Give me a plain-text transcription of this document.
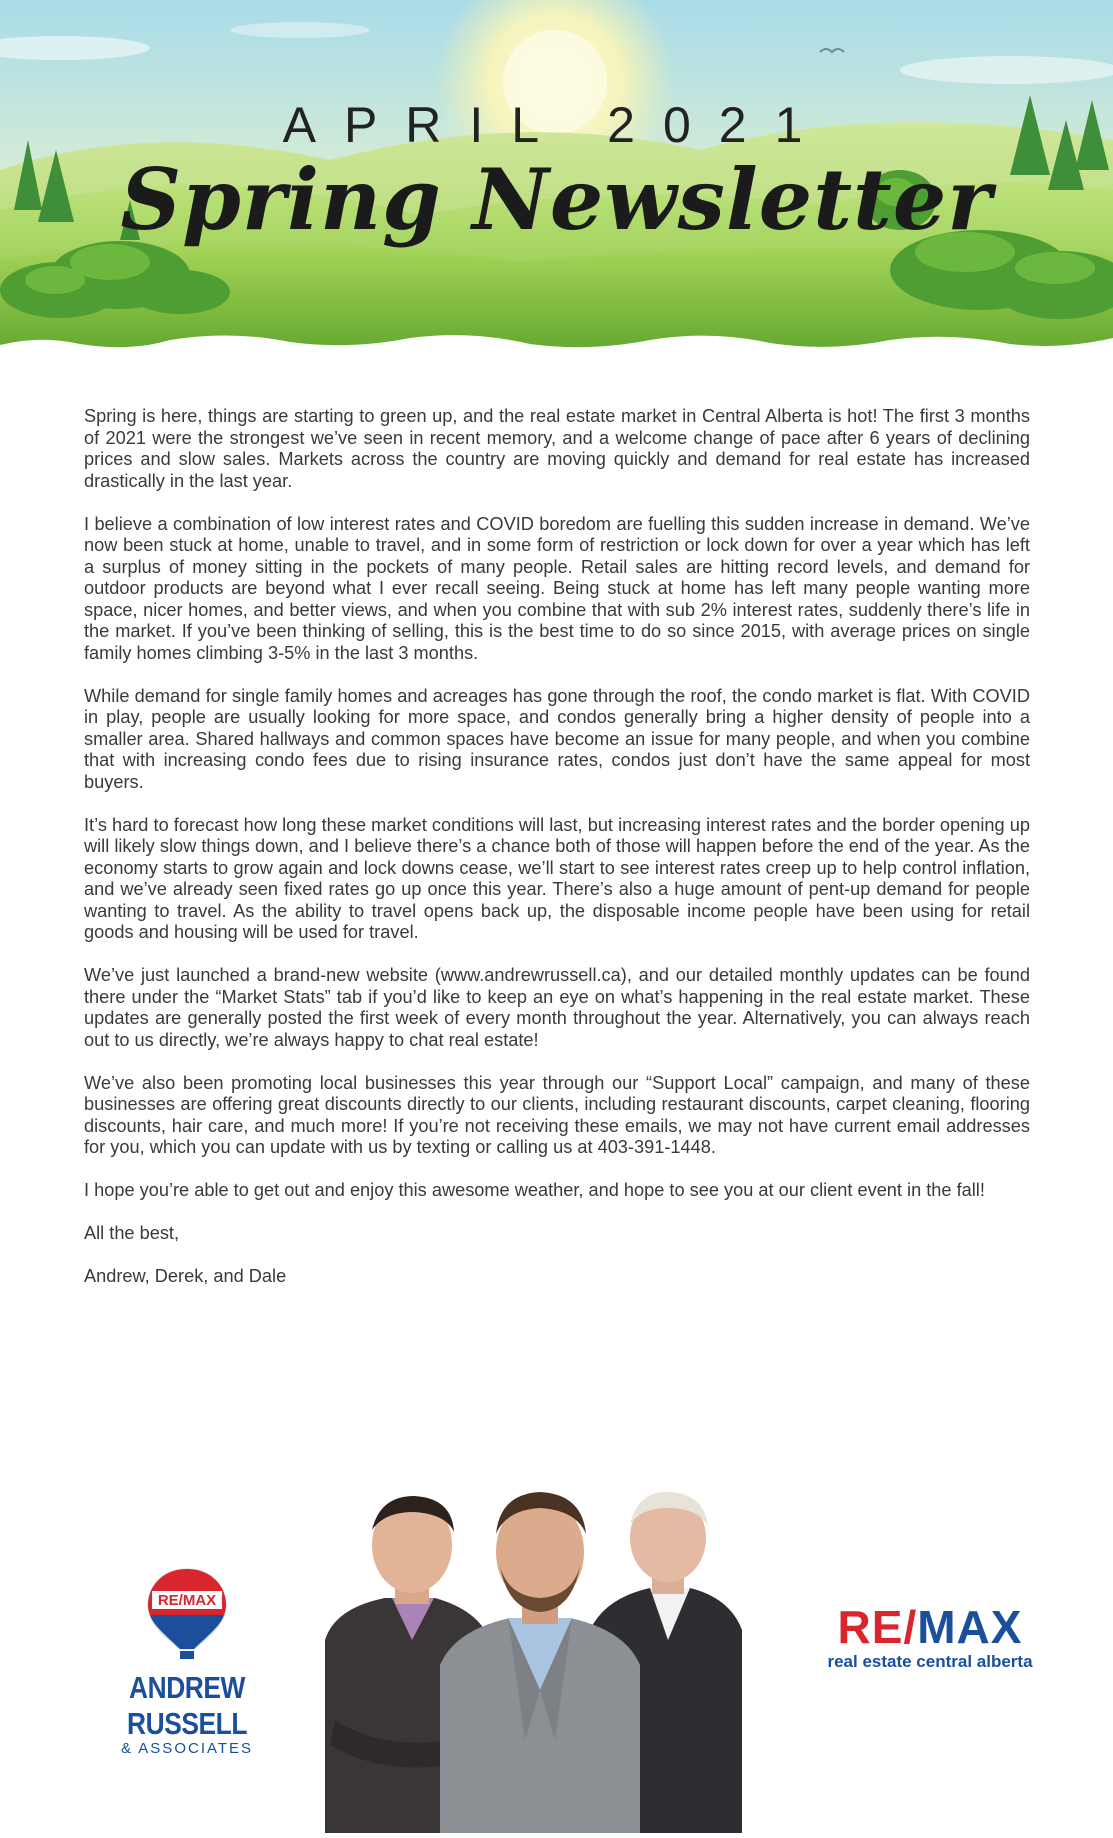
APRIL 2021
Spring Newsletter

Spring is here, things are starting to green up, and the real estate market in Central Alberta is hot! The first 3 months of 2021 were the strongest we’ve seen in recent memory, and a welcome change of pace after 6 years of declining prices and slow sales. Markets across the country are moving quickly and demand for real estate has increased drastically in the last year.

I believe a combination of low interest rates and COVID boredom are fuelling this sudden increase in demand. We’ve now been stuck at home, unable to travel, and in some form of restriction or lock down for over a year which has left a surplus of money sitting in the pockets of many people. Retail sales are hitting record levels, and demand for outdoor products are beyond what I ever recall seeing. Being stuck at home has left many people wanting more space, nicer homes, and better views, and when you combine that with sub 2% interest rates, suddenly there’s life in the market. If you’ve been thinking of selling, this is the best time to do so since 2015, with average prices on single family homes climbing 3-5% in the last 3 months.

While demand for single family homes and acreages has gone through the roof, the condo market is flat. With COVID in play, people are usually looking for more space, and condos generally bring a higher density of people into a smaller area. Shared hallways and common spaces have become an issue for many people, and when you combine that with increasing condo fees due to rising insurance rates, condos just don’t have the same appeal for most buyers.

It’s hard to forecast how long these market conditions will last, but increasing interest rates and the border opening up will likely slow things down, and I believe there’s a chance both of those will happen before the end of the year. As the economy starts to grow again and lock downs cease, we’ll start to see interest rates creep up to help control inflation, and we’ve already seen fixed rates go up once this year. There’s also a huge amount of pent-up demand for people wanting to travel. As the ability to travel opens back up, the disposable income people have been using for retail goods and housing will be used for travel.

We’ve just launched a brand-new website (www.andrewrussell.ca), and our detailed monthly updates can be found there under the “Market Stats” tab if you’d like to keep an eye on what’s happening in the real estate market. These updates are generally posted the first week of every month throughout the year. Alternatively, you can always reach out to us directly, we’re always happy to chat real estate!

We’ve also been promoting local businesses this year through our “Support Local” campaign, and many of these businesses are offering great discounts directly to our clients, including restaurant discounts, carpet cleaning, flooring discounts, hair care, and much more! If you’re not receiving these emails, we may not have current email addresses for you, which you can update with us by texting or calling us at 403-391-1448.

I hope you’re able to get out and enjoy this awesome weather, and hope to see you at our client event in the fall!

All the best,

Andrew, Derek, and Dale

RE/MAX
ANDREW RUSSELL
& ASSOCIATES
RE/MAX
real estate central alberta
